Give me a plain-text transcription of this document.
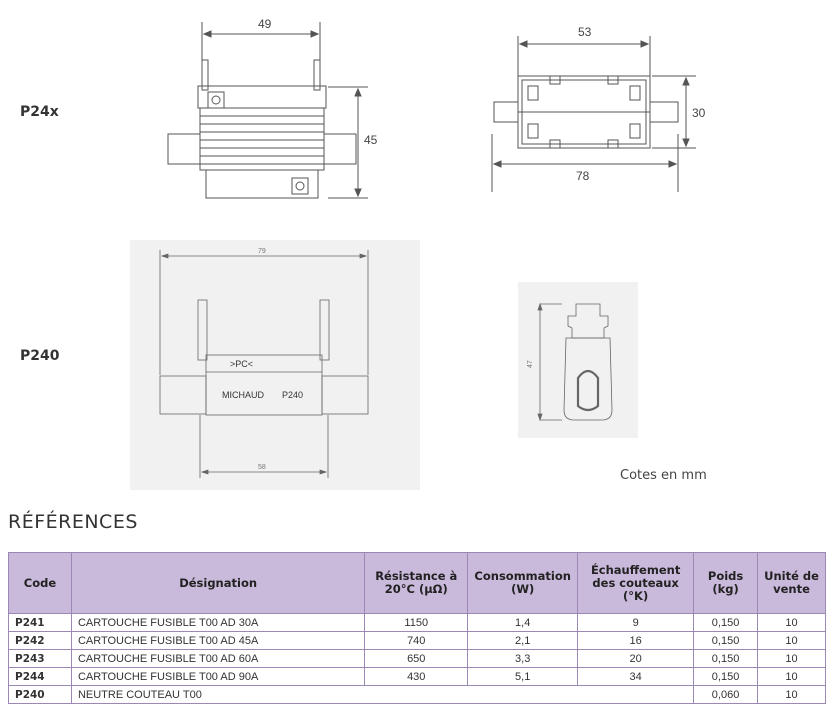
P24x
P240
49
45
53
30
78
79
>PC<
MICHAUD P240
58
47
Cotes en mm
RÉFÉRENCES
Code	Désignation	Résistance à 20°C (µΩ)	Consommation (W)	Échauffement des couteaux (°K)	Poids (kg)	Unité de vente
P241	CARTOUCHE FUSIBLE T00 AD 30A	1150	1,4	9	0,150	10
P242	CARTOUCHE FUSIBLE T00 AD 45A	740	2,1	16	0,150	10
P243	CARTOUCHE FUSIBLE T00 AD 60A	650	3,3	20	0,150	10
P244	CARTOUCHE FUSIBLE T00 AD 90A	430	5,1	34	0,150	10
P240	NEUTRE COUTEAU T00				0,060	10
